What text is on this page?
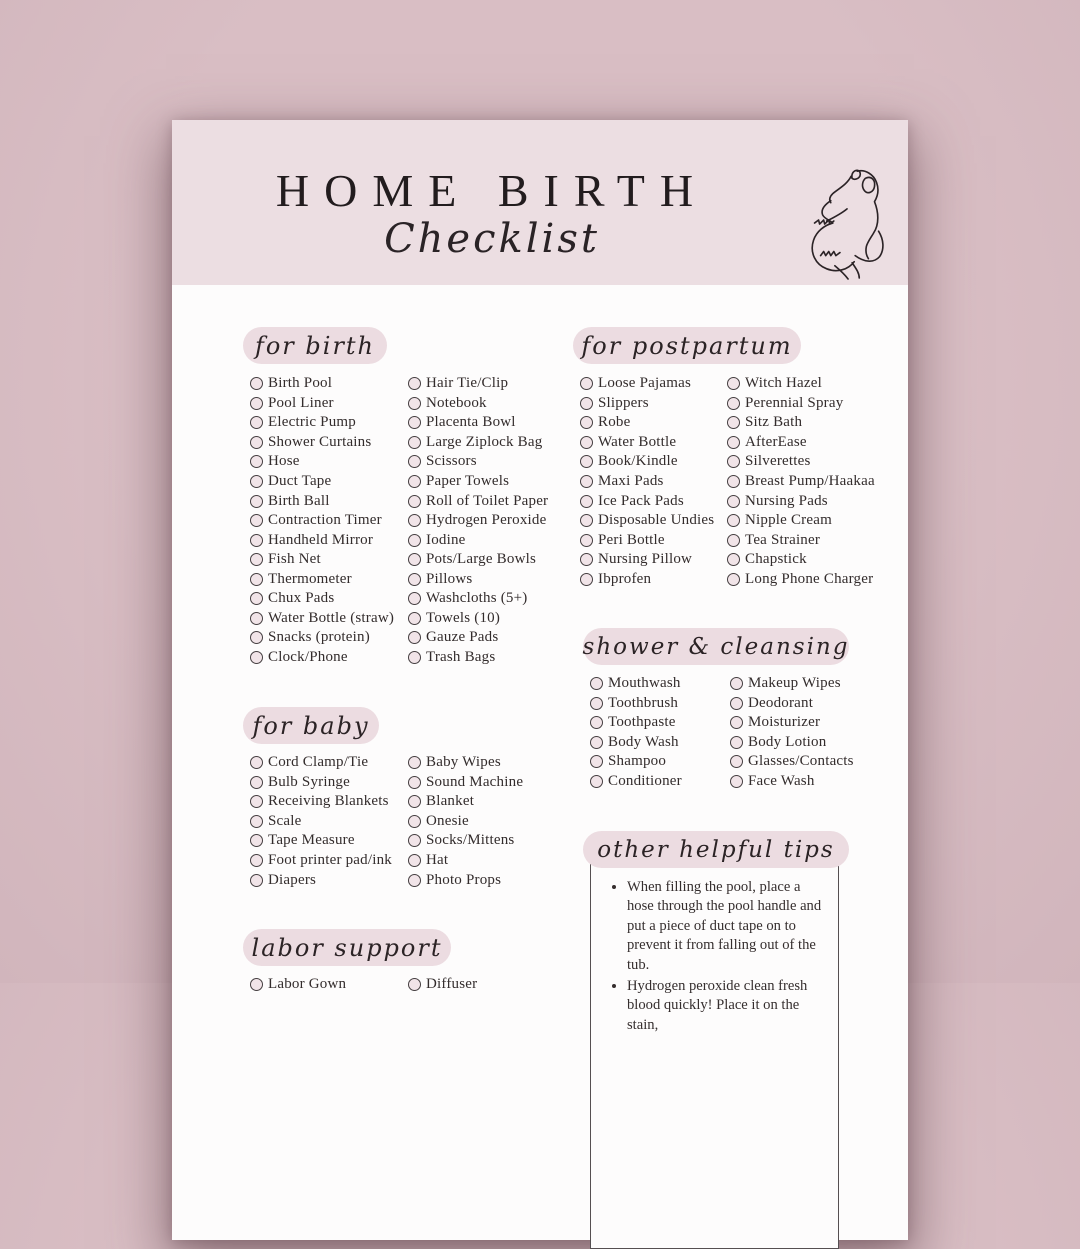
HOME BIRTH
Checklist
for birth
Birth Pool
Pool Liner
Electric Pump
Shower Curtains
Hose
Duct Tape
Birth Ball
Contraction Timer
Handheld Mirror
Fish Net
Thermometer
Chux Pads
Water Bottle (straw)
Snacks (protein)
Clock/Phone
Hair Tie/Clip
Notebook
Placenta Bowl
Large Ziplock Bag
Scissors
Paper Towels
Roll of Toilet Paper
Hydrogen Peroxide
Iodine
Pots/Large Bowls
Pillows
Washcloths (5+)
Towels (10)
Gauze Pads
Trash Bags
for postpartum
Loose Pajamas
Slippers
Robe
Water Bottle
Book/Kindle
Maxi Pads
Ice Pack Pads
Disposable Undies
Peri Bottle
Nursing Pillow
Ibprofen
Witch Hazel
Perennial Spray
Sitz Bath
AfterEase
Silverettes
Breast Pump/Haakaa
Nursing Pads
Nipple Cream
Tea Strainer
Chapstick
Long Phone Charger
for baby
Cord Clamp/Tie
Bulb Syringe
Receiving Blankets
Scale
Tape Measure
Foot printer pad/ink
Diapers
Baby Wipes
Sound Machine
Blanket
Onesie
Socks/Mittens
Hat
Photo Props
shower & cleansing
Mouthwash
Toothbrush
Toothpaste
Body Wash
Shampoo
Conditioner
Makeup Wipes
Deodorant
Moisturizer
Body Lotion
Glasses/Contacts
Face Wash
other helpful tips
• When filling the pool, place a hose through the pool handle and put a piece of duct tape on to prevent it from falling out of the tub.
• Hydrogen peroxide clean fresh blood quickly! Place it on the stain,
labor support
Labor Gown	Diffuser
